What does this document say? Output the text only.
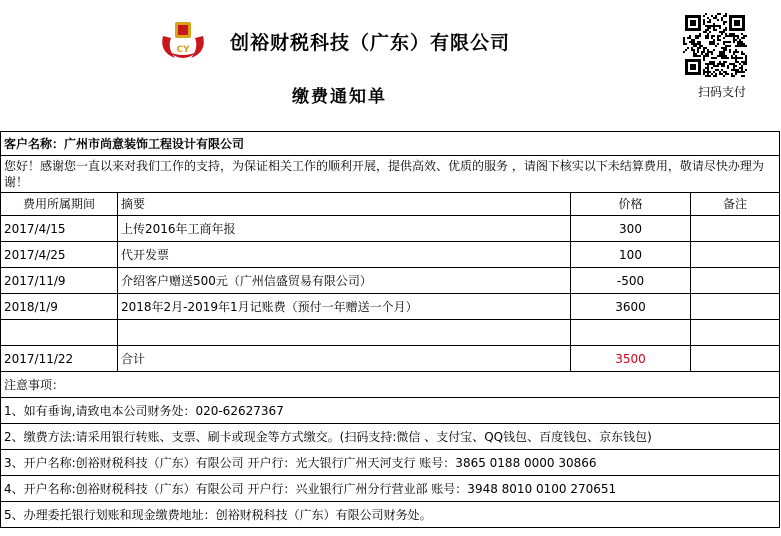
CY 创裕财税科技（广东）有限公司
缴费通知单	扫码支付
客户名称：广州市尚意装饰工程设计有限公司			
您好！感谢您一直以来对我们工作的支持，为保证相关工作的顺利开展，提供高效、优质的服务 ，请阁下核实以下未结算费用，敬请尽快办理为谢！			
费用所属期间	摘要	价格	备注
2017/4/15	上传2016年工商年报	300	
2017/4/25	代开发票	100	
2017/11/9	介绍客户赠送500元（广州信盛贸易有限公司）	-500	
2018/1/9	2018年2月-2019年1月记账费（预付一年赠送一个月）	3600	

2017/11/22	合计	3500	
注意事项：			
1、如有垂询,请致电本公司财务处：020-62627367			
2、缴费方法:请采用银行转账、支票、刷卡或现金等方式缴交。(扫码支持:微信 、支付宝、QQ钱包、百度钱包、京东钱包)			
3、开户名称:创裕财税科技（广东）有限公司 开户行：光大银行广州天河支行 账号：3865 0188 0000 30866			
4、开户名称:创裕财税科技（广东）有限公司 开户行：兴业银行广州分行营业部 账号：3948 8010 0100 270651			
5、办理委托银行划账和现金缴费地址：创裕财税科技（广东）有限公司财务处。			
